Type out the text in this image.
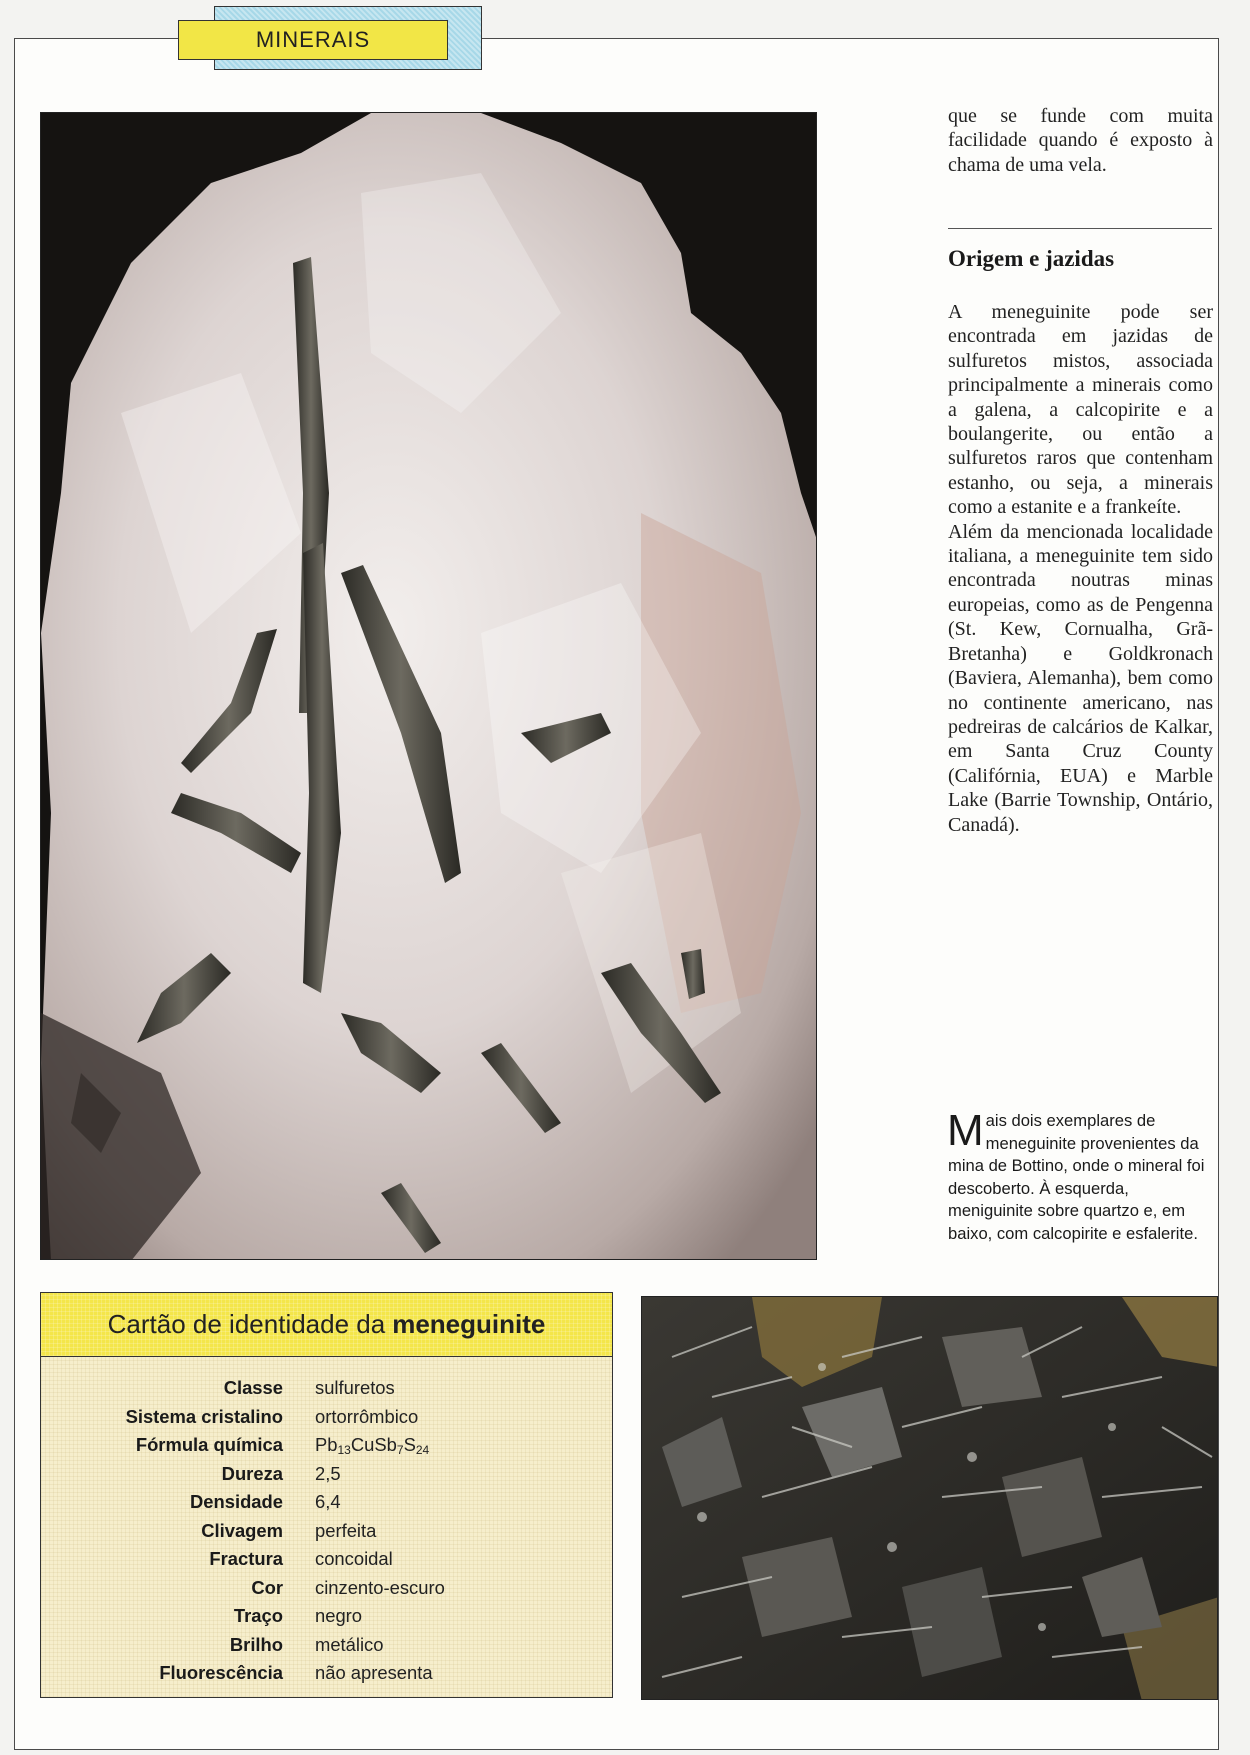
MINERAIS

que se funde com muita facilidade quando é exposto à chama de uma vela.

Origem e jazidas

A meneguinite pode ser encontrada em jazidas de sulfuretos mistos, associada principalmente a minerais como a galena, a calcopirite e a boulangerite, ou então a sulfuretos raros que contenham estanho, ou seja, a minerais como a estanite e a frankeíte.

Além da mencionada localidade italiana, a meneguinite tem sido encontrada noutras minas europeias, como as de Pengenna (St. Kew, Cornualha, Grã-Bretanha) e Goldkronach (Baviera, Alemanha), bem como no continente americano, nas pedreiras de calcários de Kalkar, em Santa Cruz County (Califórnia, EUA) e Marble Lake (Barrie Township, Ontário, Canadá).

Mais dois exemplares de meneguinite provenientes da mina de Bottino, onde o mineral foi descoberto. À esquerda, meniguinite sobre quartzo e, em baixo, com calcopirite e esfalerite.
Cartão de identidade da meneguinite
Classe sulfuretos
Sistema cristalino ortorrômbico
Fórmula química $Pb_{13}CuSb_7S_{24}$
Dureza 2,5
Densidade 6,4
Clivagem perfeita
Fractura concoidal
Cor cinzento-escuro
Traço negro
Brilho metálico
Fluorescência não apresenta
